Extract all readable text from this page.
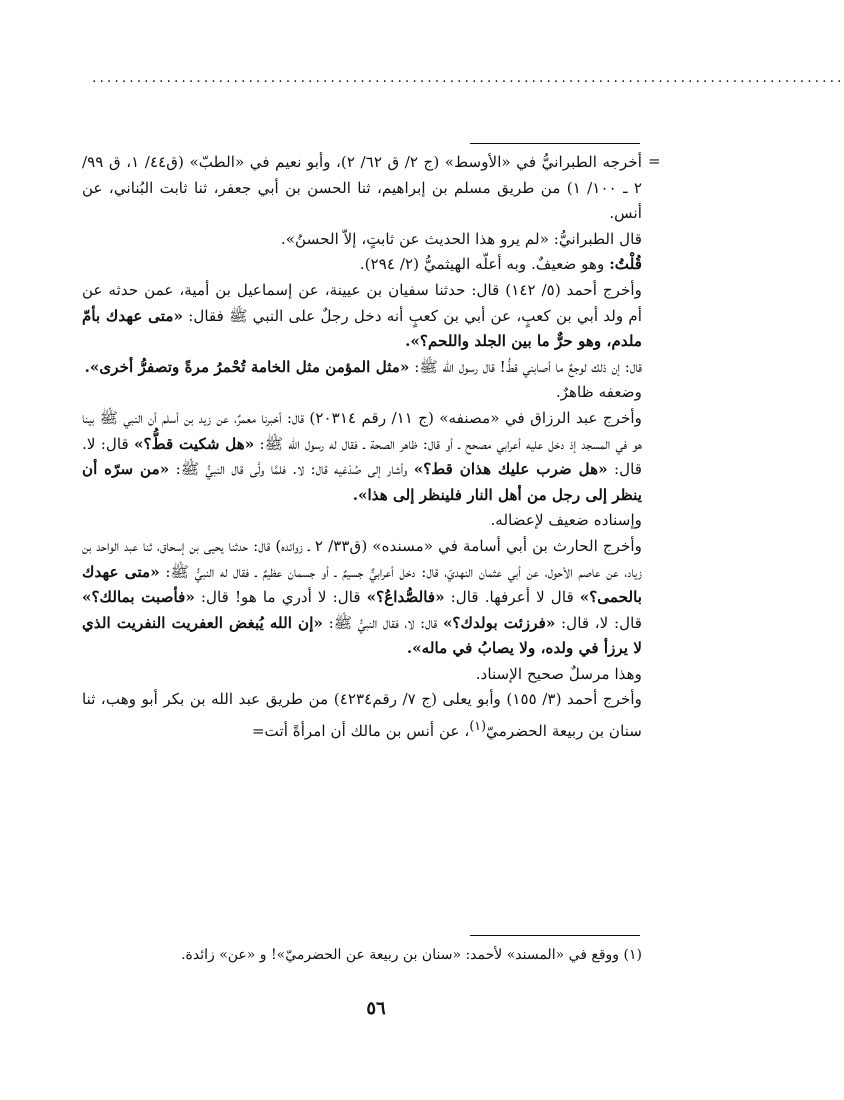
.....................................................................................................
=

أخرجه الطبرانيُّ في «الأوسط» (ج ٢/ ق ٦٢/ ٢)، وأبو نعيم في «الطبّ» (ق٤٤/ ١، ق ٩٩/ ٢ ـ ١٠٠/ ١) من طريق مسلم بن إبراهيم، ثنا الحسن بن أبي جعفر، ثنا ثابت البُناني، عن أنس.

قال الطبرانيُّ: «لم يرو هذا الحديث عن ثابتٍ، إلاّ الحسنُ».

قُلْتُ: وهو ضعيفٌ. وبه أعلّه الهيثميُّ (٢/ ٢٩٤).

وأخرج أحمد (٥/ ١٤٢) قال: حدثنا سفيان بن عيينة، عن إسماعيل بن أمية، عمن حدثه عن أم ولد أبي بن كعبٍ، عن أبي بن كعبٍ أنه دخل رجلٌ على النبي ﷺ فقال: «متى عهدك بأمّ ملدم، وهو حرٌّ ما بين الجلد واللحم؟».

قال: إن ذلك لوجعٌ ما أصابني قطُّ! قال رسول الله ﷺ: «مثل المؤمن مثل الخامة تُحْمرُ مرةً وتصفرُّ أخرى».

وضعفه ظاهرٌ.

وأخرج عبد الرزاق في «مصنفه» (ج ١١/ رقم ٢٠٣١٤) قال: أخبرنا معمرٌ، عن زيد بن أسلم أن النبي ﷺ بينا هو في المسجد إذ دخل عليه أعرابي مصحح ـ أو قال: ظاهر الصحة ـ فقال له رسول الله ﷺ: «هل شكيت قطُّ؟» قال: لا. قال: «هل ضرب عليك هذان قط؟» وأشار إلى صُدْغيه قال: لا. فلمَّا ولَّى قال النبيُّ ﷺ: «من سرّه أن ينظر إلى رجل من أهل النار فلينظر إلى هذا».

وإسناده ضعيف لإعضاله.

وأخرج الحارث بن أبي أسامة في «مسنده» (ق٣٣/ ٢ ـ زوائده) قال: حدثنا يحيى بن إسحاق، ثنا عبد الواحد بن زياد، عن عاصم الأحول، عن أبي عثمان النهديّ، قال: دخل أعرابيٌّ جسيمٌ ـ أو جسمان عظيمٌ ـ فقال له النبيُّ ﷺ: «متى عهدك بالحمى؟» قال لا أعرفها. قال: «فالصُّداعُ؟» قال: لا أدري ما هو! قال: «فأصبت بمالك؟» قال: لا، قال: «فرزئت بولدك؟» قال: لا، فقال النبيُّ ﷺ: «إن الله يُبغض العفريت النفريت الذي لا يرزأ في ولده، ولا يصابُ في ماله».

وهذا مرسلٌ صحيح الإسناد.

وأخرج أحمد (٣/ ١٥٥) وأبو يعلى (ج ٧/ رقم٤٢٣٤) من طريق عبد الله بن بكر أبو وهب، ثنا سنان بن ربيعة الحضرميّ$^{(١)}$، عن أنس بن مالك أن امرأةً أتت=

(١) ووقع في «المسند» لأحمد: «سنان بن ربيعة عن الحضرميّ»! و «عن» زائدة.
٥٦
